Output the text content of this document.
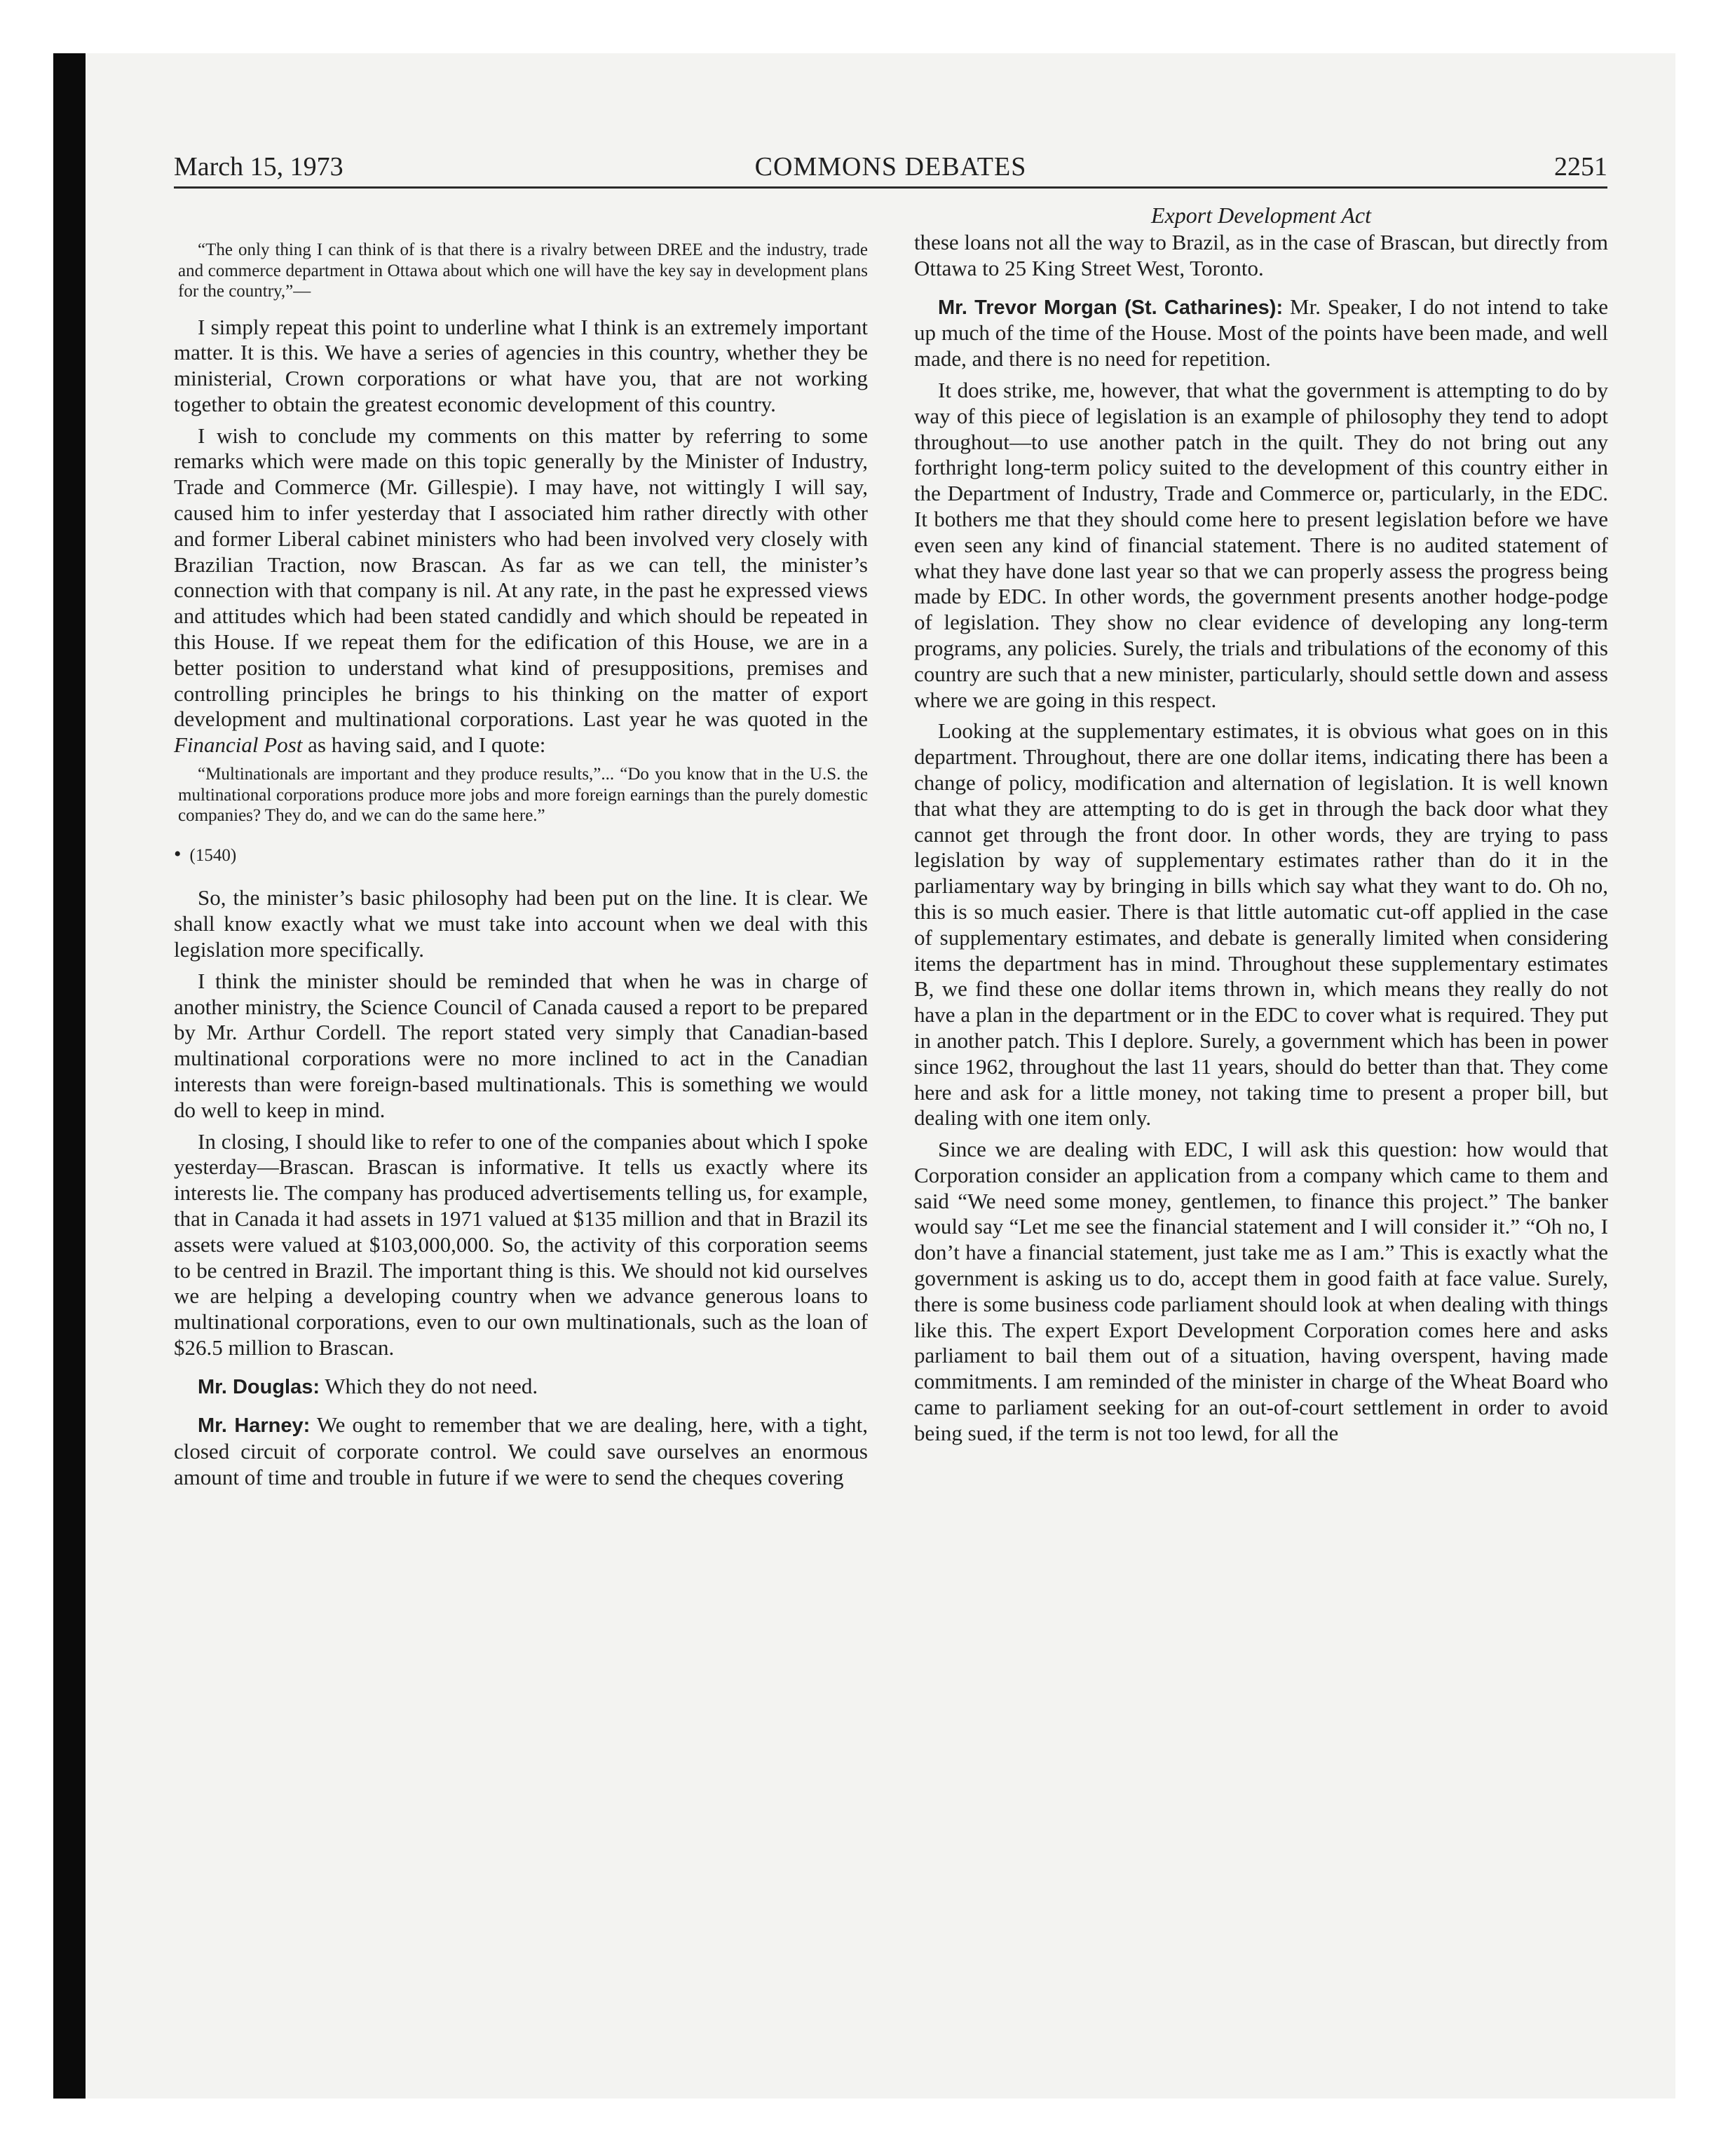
March 15, 1973	COMMONS DEBATES	2251
“The only thing I can think of is that there is a rivalry between DREE and the industry, trade and commerce department in Ottawa about which one will have the key say in development plans for the country,”—

I simply repeat this point to underline what I think is an extremely important matter. It is this. We have a series of agencies in this country, whether they be ministerial, Crown corporations or what have you, that are not working together to obtain the greatest economic development of this country.

I wish to conclude my comments on this matter by referring to some remarks which were made on this topic generally by the Minister of Industry, Trade and Commerce (Mr. Gillespie). I may have, not wittingly I will say, caused him to infer yesterday that I associated him rather directly with other and former Liberal cabinet ministers who had been involved very closely with Brazilian Traction, now Brascan. As far as we can tell, the minister’s connection with that company is nil. At any rate, in the past he expressed views and attitudes which had been stated candidly and which should be repeated in this House. If we repeat them for the edification of this House, we are in a better position to understand what kind of presuppositions, premises and controlling principles he brings to his thinking on the matter of export development and multinational corporations. Last year he was quoted in the Financial Post as having said, and I quote:

“Multinationals are important and they produce results,”... “Do you know that in the U.S. the multinational corporations produce more jobs and more foreign earnings than the purely domestic companies? They do, and we can do the same here.”
• (1540)

So, the minister’s basic philosophy had been put on the line. It is clear. We shall know exactly what we must take into account when we deal with this legislation more specifically.

I think the minister should be reminded that when he was in charge of another ministry, the Science Council of Canada caused a report to be prepared by Mr. Arthur Cordell. The report stated very simply that Canadian-based multinational corporations were no more inclined to act in the Canadian interests than were foreign-based multinationals. This is something we would do well to keep in mind.

In closing, I should like to refer to one of the companies about which I spoke yesterday—Brascan. Brascan is informative. It tells us exactly where its interests lie. The company has produced advertisements telling us, for example, that in Canada it had assets in 1971 valued at $135 million and that in Brazil its assets were valued at $103,000,000. So, the activity of this corporation seems to be centred in Brazil. The important thing is this. We should not kid ourselves we are helping a developing country when we advance generous loans to multinational corporations, even to our own multinationals, such as the loan of $26.5 million to Brascan.

Mr. Douglas: Which they do not need.

Mr. Harney: We ought to remember that we are dealing, here, with a tight, closed circuit of corporate control. We could save ourselves an enormous amount of time and trouble in future if we were to send the cheques covering

Export Development Act

these loans not all the way to Brazil, as in the case of Brascan, but directly from Ottawa to 25 King Street West, Toronto.

Mr. Trevor Morgan (St. Catharines): Mr. Speaker, I do not intend to take up much of the time of the House. Most of the points have been made, and well made, and there is no need for repetition.

It does strike, me, however, that what the government is attempting to do by way of this piece of legislation is an example of philosophy they tend to adopt throughout—to use another patch in the quilt. They do not bring out any forthright long-term policy suited to the development of this country either in the Department of Industry, Trade and Commerce or, particularly, in the EDC. It bothers me that they should come here to present legislation before we have even seen any kind of financial statement. There is no audited statement of what they have done last year so that we can properly assess the progress being made by EDC. In other words, the government presents another hodge-podge of legislation. They show no clear evidence of developing any long-term programs, any policies. Surely, the trials and tribulations of the economy of this country are such that a new minister, particularly, should settle down and assess where we are going in this respect.

Looking at the supplementary estimates, it is obvious what goes on in this department. Throughout, there are one dollar items, indicating there has been a change of policy, modification and alternation of legislation. It is well known that what they are attempting to do is get in through the back door what they cannot get through the front door. In other words, they are trying to pass legislation by way of supplementary estimates rather than do it in the parliamentary way by bringing in bills which say what they want to do. Oh no, this is so much easier. There is that little automatic cut-off applied in the case of supplementary estimates, and debate is generally limited when considering items the department has in mind. Throughout these supplementary estimates B, we find these one dollar items thrown in, which means they really do not have a plan in the department or in the EDC to cover what is required. They put in another patch. This I deplore. Surely, a government which has been in power since 1962, throughout the last 11 years, should do better than that. They come here and ask for a little money, not taking time to present a proper bill, but dealing with one item only.

Since we are dealing with EDC, I will ask this question: how would that Corporation consider an application from a company which came to them and said “We need some money, gentlemen, to finance this project.” The banker would say “Let me see the financial statement and I will consider it.” “Oh no, I don’t have a financial statement, just take me as I am.” This is exactly what the government is asking us to do, accept them in good faith at face value. Surely, there is some business code parliament should look at when dealing with things like this. The expert Export Development Corporation comes here and asks parliament to bail them out of a situation, having overspent, having made commitments. I am reminded of the minister in charge of the Wheat Board who came to parliament seeking for an out-of-court settlement in order to avoid being sued, if the term is not too lewd, for all the
